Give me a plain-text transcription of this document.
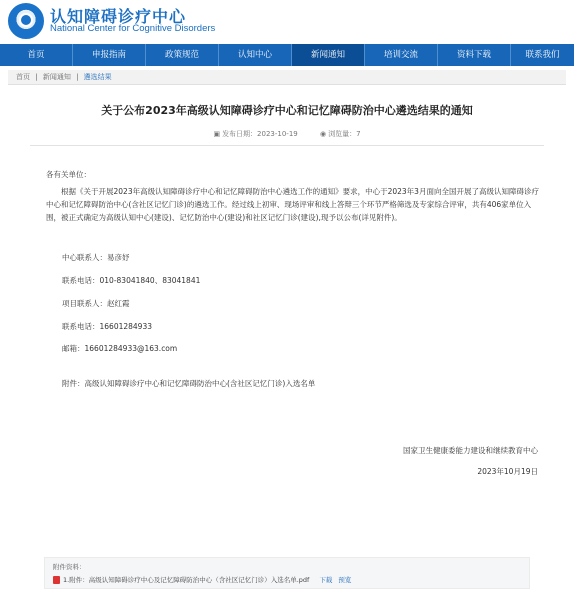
认知障碍诊疗中心
National Center for Cognitive Disorders
首页	申报指南	政策规范	认知中心	新闻通知	培训交流	资料下载	联系我们
首页 | 新闻通知 | 遴选结果
关于公布2023年高级认知障碍诊疗中心和记忆障碍防治中心遴选结果的通知
▣ 发布日期：2023-10-19	◉ 浏览量：7
各有关单位：
根据《关于开展2023年高级认知障碍诊疗中心和记忆障碍防治中心遴选工作的通知》要求，中心于2023年3月面向全国开展了高级认知障碍诊疗中心和记忆障碍防治中心(含社区记忆门诊)的遴选工作。经过线上初审、现场评审和线上答辩三个环节严格筛选及专家综合评审，共有406家单位入围，被正式确定为高级认知中心(建设)、记忆防治中心(建设)和社区记忆门诊(建设),现予以公布(详见附件)。
中心联系人：易彦妤
联系电话：010-83041840、83041841
项目联系人：赵红霞
联系电话：16601284933
邮箱：16601284933@163.com
附件：高级认知障碍诊疗中心和记忆障碍防治中心(含社区记忆门诊)入选名单
国家卫生健康委能力建设和继续教育中心
2023年10月19日
附件资料：
1.附件：高级认知障碍诊疗中心及记忆障碍防治中心（含社区记忆门诊）入选名单.pdf 下载 预览
